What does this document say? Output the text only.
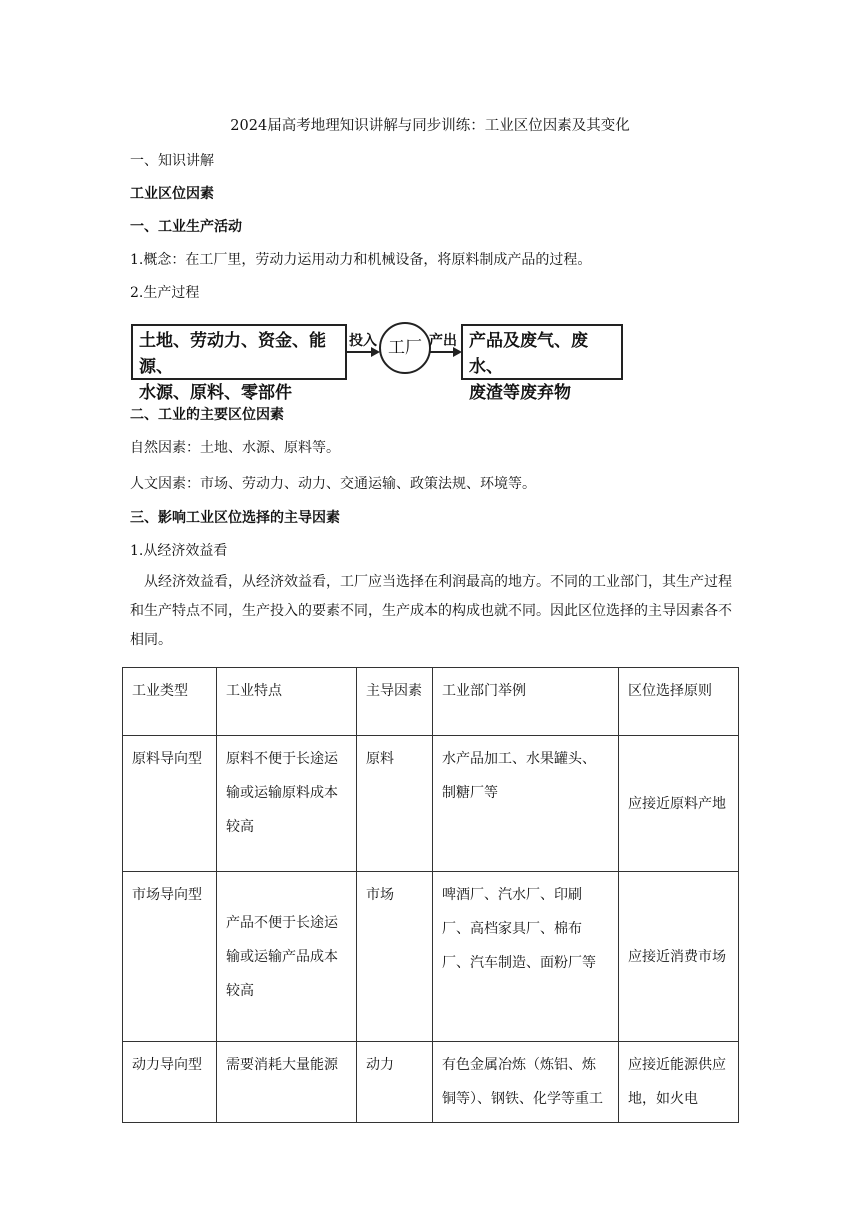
2024届高考地理知识讲解与同步训练：工业区位因素及其变化
一、知识讲解
工业区位因素
一、工业生产活动
1.概念：在工厂里，劳动力运用动力和机械设备，将原料制成产品的过程。
2.生产过程
土地、劳动力、资金、能源、
水源、原料、零部件
投入 工厂 产出 产品及废气、废水、
废渣等废弃物
二、工业的主要区位因素
自然因素：土地、水源、原料等。
人文因素：市场、劳动力、动力、交通运输、政策法规、环境等。
三、影响工业区位选择的主导因素
1.从经济效益看
从经济效益看，从经济效益看，工厂应当选择在利润最高的地方。不同的工业部门，其生产过程和生产特点不同，生产投入的要素不同，生产成本的构成也就不同。因此区位选择的主导因素各不相同。
工业类型	工业特点	主导因素	工业部门举例	区位选择原则

原料导向型	原料不便于长途运输或运输原料成本较高	原料	水产品加工、水果罐头、制糖厂等	应接近原料产地

市场导向型	产品不便于长途运输或运输产品成本较高	市场	啤酒厂、汽水厂、印刷厂、高档家具厂、棉布厂、汽车制造、面粉厂等	应接近消费市场

动力导向型	需要消耗大量能源	动力	有色金属冶炼（炼铝、炼铜等）、钢铁、化学等重工	应接近能源供应地，如火电
